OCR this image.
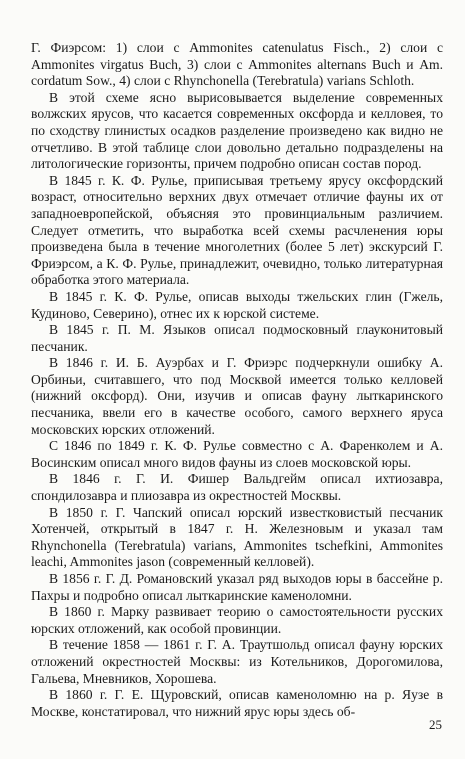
Г. Фиэрсом: 1) слои с Ammonites catenulatus Fisch., 2) слои с Ammonites virgatus Buch, 3) слои с Ammonites alternans Buch и Am. cordatum Sow., 4) слои с Rhynchonella (Terebratula) varians Schloth.

В этой схеме ясно вырисовывается выделение современных волжских ярусов, что касается современных оксфорда и келловея, то по сходству глинистых осадков разделение произведено как видно не отчетливо. В этой таблице слои довольно детально подразделены на литологические горизонты, причем подробно описан состав пород.

В 1845 г. К. Ф. Рулье, приписывая третьему ярусу оксфордский возраст, относительно верхних двух отмечает отличие фауны их от западноевропейской, объясняя это провинциальным различием. Следует отметить, что выработка всей схемы расчленения юры произведена была в течение многолетних (более 5 лет) экскурсий Г. Фриэрсом, а К. Ф. Рулье, принадлежит, очевидно, только литературная обработка этого материала.

В 1845 г. К. Ф. Рулье, описав выходы тжельских глин (Гжель, Кудиново, Северино), отнес их к юрской системе.

В 1845 г. П. М. Языков описал подмосковный глауконитовый песчаник.

В 1846 г. И. Б. Ауэрбах и Г. Фриэрс подчеркнули ошибку А. Орбиньи, считавшего, что под Москвой имеется только келловей (нижний оксфорд). Они, изучив и описав фауну лыткаринского песчаника, ввели его в качестве особого, самого верхнего яруса московских юрских отложений.

С 1846 по 1849 г. К. Ф. Рулье совместно с А. Фаренколем и А. Восинским описал много видов фауны из слоев московской юры.

В 1846 г. Г. И. Фишер Вальдгейм описал ихтиозавра, спондилозавра и плиозавра из окрестностей Москвы.

В 1850 г. Г. Чапский описал юрский известковистый песчаник Хотенчей, открытый в 1847 г. Н. Железновым и указал там Rhynchonella (Terebratula) varians, Ammonites tschefkini, Ammonites leachi, Ammonites jason (современный келловей).

В 1856 г. Г. Д. Романовский указал ряд выходов юры в бассейне р. Пахры и подробно описал лыткаринские каменоломни.

В 1860 г. Марку развивает теорию о самостоятельности русских юрских отложений, как особой провинции.

В течение 1858 — 1861 г. Г. А. Траутшольд описал фауну юрских отложений окрестностей Москвы: из Котельников, Дорогомилова, Гальева, Мневников, Хорошева.

В 1860 г. Г. Е. Щуровский, описав каменоломню на р. Яузе в Москве, констатировал, что нижний ярус юры здесь об-

25
